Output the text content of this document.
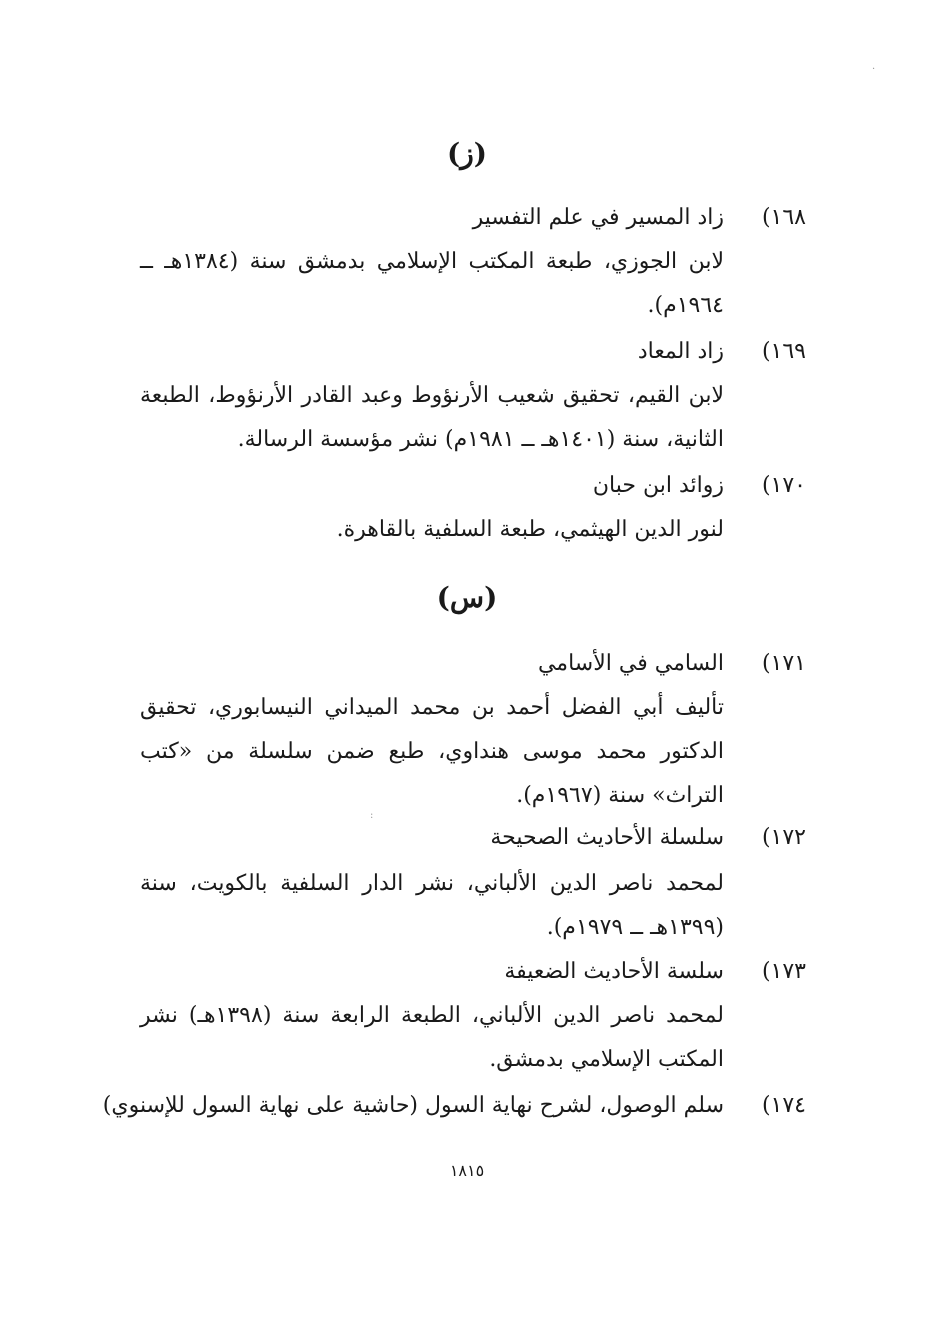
(ز)
١٦٨)
زاد المسير في علم التفسير
لابن الجوزي، طبعة المكتب الإسلامي بدمشق سنة (١٣٨٤هـ ــ ١٩٦٤م).
١٦٩)
زاد المعاد
لابن القيم، تحقيق شعيب الأرنؤوط وعبد القادر الأرنؤوط، الطبعة الثانية، سنة (١٤٠١هـ ــ ١٩٨١م) نشر مؤسسة الرسالة.
١٧٠)
زوائد ابن حبان
لنور الدين الهيثمي، طبعة السلفية بالقاهرة.
(س)
١٧١)
السامي في الأسامي
تأليف أبي الفضل أحمد بن محمد الميداني النيسابوري، تحقيق الدكتور محمد موسى هنداوي، طبع ضمن سلسلة من «كتب التراث» سنة (١٩٦٧م).
١٧٢)
سلسلة الأحاديث الصحيحة
لمحمد ناصر الدين الألباني، نشر الدار السلفية بالكويت، سنة (١٣٩٩هـ ــ ١٩٧٩م).
١٧٣)
سلسة الأحاديث الضعيفة
لمحمد ناصر الدين الألباني، الطبعة الرابعة سنة (١٣٩٨هـ) نشر المكتب الإسلامي بدمشق.
١٧٤)
سلم الوصول، لشرح نهاية السول (حاشية على نهاية السول للإسنوي)
١٨١٥
·
:
